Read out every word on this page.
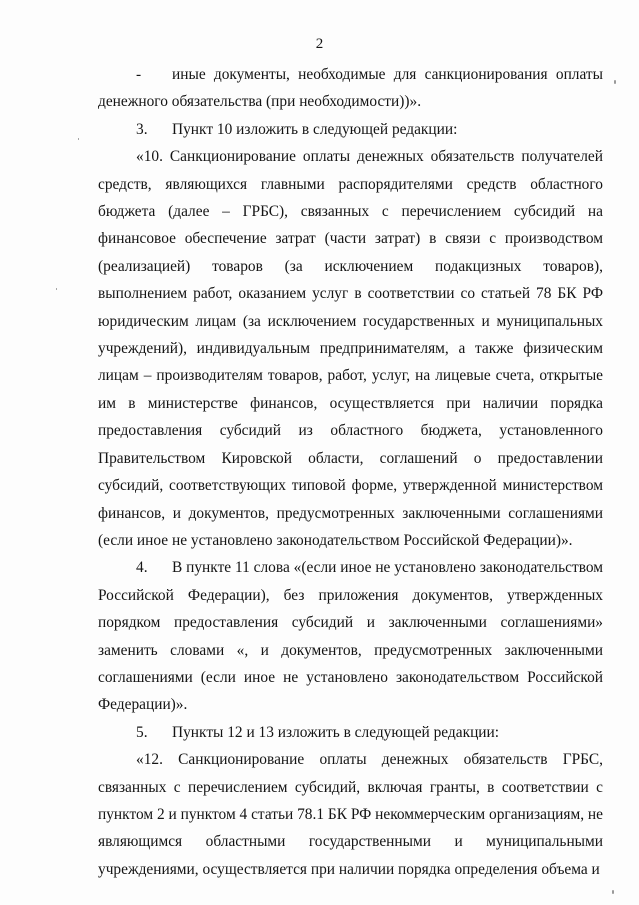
2

- иные документы, необходимые для санкционирования оплаты денежного обязательства (при необходимости))».

3. Пункт 10 изложить в следующей редакции:

«10. Санкционирование оплаты денежных обязательств получателей средств, являющихся главными распорядителями средств областного бюджета (далее – ГРБС), связанных с перечислением субсидий на финансовое обеспечение затрат (части затрат) в связи с производством (реализацией) товаров (за исключением подакцизных товаров), выполнением работ, оказанием услуг в соответствии со статьей 78 БК РФ юридическим лицам (за исключением государственных и муниципальных учреждений), индивидуальным предпринимателям, а также физическим лицам – производителям товаров, работ, услуг, на лицевые счета, открытые им в министерстве финансов, осуществляется при наличии порядка предоставления субсидий из областного бюджета, установленного Правительством Кировской области, соглашений о предоставлении субсидий, соответствующих типовой форме, утвержденной министерством финансов, и документов, предусмотренных заключенными соглашениями (если иное не установлено законодательством Российской Федерации)».

4. В пункте 11 слова «(если иное не установлено законодательством Российской Федерации), без приложения документов, утвержденных порядком предоставления субсидий и заключенными соглашениями» заменить словами «, и документов, предусмотренных заключенными соглашениями (если иное не установлено законодательством Российской Федерации)».

5. Пункты 12 и 13 изложить в следующей редакции:

«12. Санкционирование оплаты денежных обязательств ГРБС, связанных с перечислением субсидий, включая гранты, в соответствии с пунктом 2 и пунктом 4 статьи 78.1 БК РФ некоммерческим организациям, не являющимся областными государственными и муниципальными учреждениями, осуществляется при наличии порядка определения объема и
